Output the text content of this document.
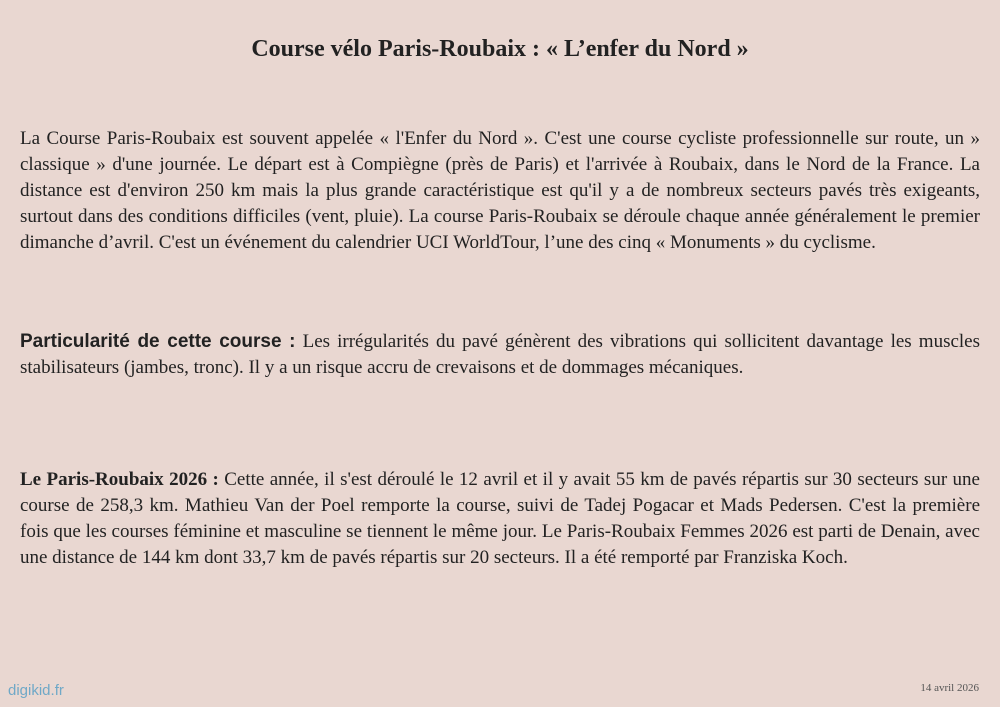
Course vélo Paris-Roubaix : « L’enfer du Nord »

La Course Paris-Roubaix est souvent appelée « l'Enfer du Nord ». C'est une course cycliste professionnelle sur route, un » classique » d'une journée. Le départ est à Compiègne (près de Paris) et l'arrivée à Roubaix, dans le Nord de la France. La distance est d'environ 250 km mais la plus grande caractéristique est qu'il y a de nombreux secteurs pavés très exigeants, surtout dans des conditions difficiles (vent, pluie). La course Paris-Roubaix se déroule chaque année généralement le premier dimanche d’avril. C'est un événement du calendrier UCI WorldTour, l’une des cinq « Monuments » du cyclisme.

Particularité de cette course : Les irrégularités du pavé génèrent des vibrations qui sollicitent davantage les muscles stabilisateurs (jambes, tronc). Il y a un risque accru de crevaisons et de dommages mécaniques.

Le Paris-Roubaix 2026 : Cette année, il s'est déroulé le 12 avril et il y avait 55 km de pavés répartis sur 30 secteurs sur une course de 258,3 km. Mathieu Van der Poel remporte la course, suivi de Tadej Pogacar et Mads Pedersen. C'est la première fois que les courses féminine et masculine se tiennent le même jour. Le Paris-Roubaix Femmes 2026 est parti de Denain, avec une distance de 144 km dont 33,7 km de pavés répartis sur 20 secteurs. Il a été remporté par Franziska Koch.

digikid.fr	14 avril 2026
